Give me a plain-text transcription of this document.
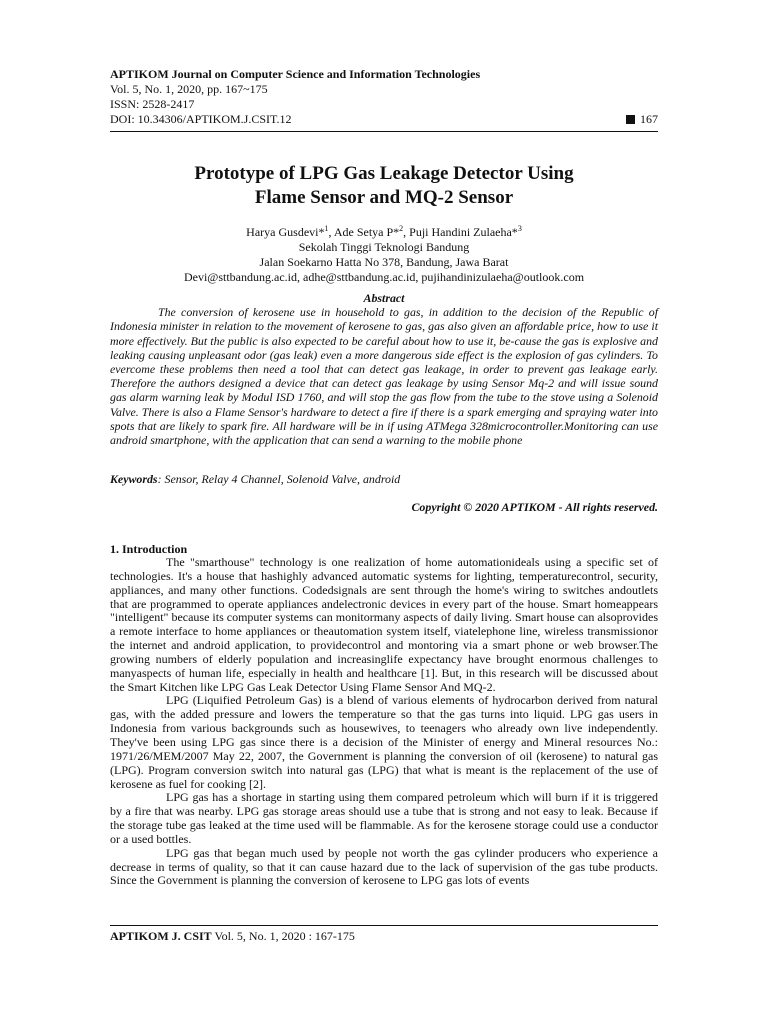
APTIKOM Journal on Computer Science and Information Technologies
Vol. 5, No. 1, 2020, pp. 167~175
ISSN: 2528-2417
DOI: 10.34306/APTIKOM.J.CSIT.12	167
Prototype of LPG Gas Leakage Detector Using
Flame Sensor and MQ-2 Sensor
Harya Gusdevi*$^1$, Ade Setya P*$^2$, Puji Handini Zulaeha*$^3$
Sekolah Tinggi Teknologi Bandung
Jalan Soekarno Hatta No 378, Bandung, Jawa Barat
Devi@sttbandung.ac.id, adhe@sttbandung.ac.id, pujihandinizulaeha@outlook.com
Abstract

The conversion of kerosene use in household to gas, in addition to the decision of the Republic of Indonesia minister in relation to the movement of kerosene to gas, gas also given an affordable price, how to use it more effectively. But the public is also expected to be careful about how to use it, be-cause the gas is explosive and leaking causing unpleasant odor (gas leak) even a more dangerous side effect is the explosion of gas cylinders. To evercome these problems then need a tool that can detect gas leakage, in order to prevent gas leakage early. Therefore the authors designed a device that can detect gas leakage by using Sensor Mq-2 and will issue sound gas alarm warning leak by Modul ISD 1760, and will stop the gas flow from the tube to the stove using a Solenoid Valve. There is also a Flame Sensor's hardware to detect a fire if there is a spark emerging and spraying water into spots that are likely to spark fire. All hardware will be in if using ATMega 328microcontroller.Monitoring can use android smartphone, with the application that can send a warning to the mobile phone

Keywords: Sensor, Relay 4 Channel, Solenoid Valve, android
Copyright © 2020 APTIKOM - All rights reserved.
1. Introduction

The "smarthouse" technology is one realization of home automationideals using a specific set of technologies. It's a house that hashighly advanced automatic systems for lighting, temperaturecontrol, security, appliances, and many other functions. Codedsignals are sent through the home's wiring to switches andoutlets that are programmed to operate appliances andelectronic devices in every part of the house. Smart homeappears "intelligent" because its computer systems can monitormany aspects of daily living. Smart house can alsoprovides a remote interface to home appliances or theautomation system itself, viatelephone line, wireless transmissionor the internet and android application, to providecontrol and montoring via a smart phone or web browser.The growing numbers of elderly population and increasinglife expectancy have brought enormous challenges to manyaspects of human life, especially in health and healthcare [1]. But, in this research will be discussed about the Smart Kitchen like LPG Gas Leak Detector Using Flame Sensor And MQ-2.

LPG (Liquified Petroleum Gas) is a blend of various elements of hydrocarbon derived from natural gas, with the added pressure and lowers the temperature so that the gas turns into liquid. LPG gas users in Indonesia from various backgrounds such as housewives, to teenagers who already own live independently. They've been using LPG gas since there is a decision of the Minister of energy and Mineral resources No.: 1971/26/MEM/2007 May 22, 2007, the Government is planning the conversion of oil (kerosene) to natural gas (LPG). Program conversion switch into natural gas (LPG) that what is meant is the replacement of the use of kerosene as fuel for cooking [2].

LPG gas has a shortage in starting using them compared petroleum which will burn if it is triggered by a fire that was nearby. LPG gas storage areas should use a tube that is strong and not easy to leak. Because if the storage tube gas leaked at the time used will be flammable. As for the kerosene storage could use a conductor or a used bottles.

LPG gas that began much used by people not worth the gas cylinder producers who experience a decrease in terms of quality, so that it can cause hazard due to the lack of supervision of the gas tube products. Since the Government is planning the conversion of kerosene to LPG gas lots of events

APTIKOM J. CSIT Vol. 5, No. 1, 2020 : 167-175
